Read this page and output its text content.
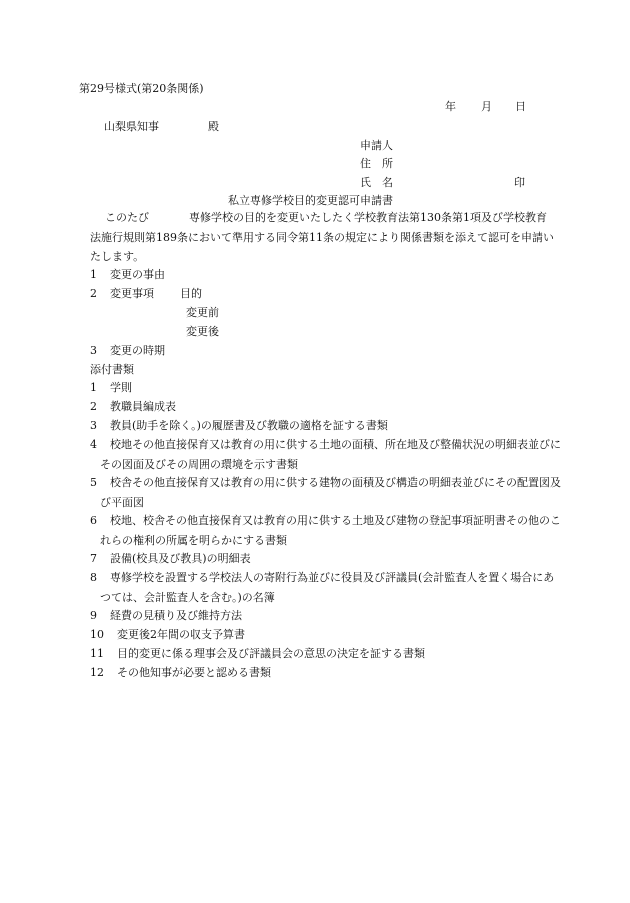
第29号様式(第20条関係)
年 月 日
山梨県知事	殿
申請人
住　所
氏　名	印
私立専修学校目的変更認可申請書
このたび	専修学校の目的を変更いたしたく学校教育法第130条第1項及び学校教育法施行規則第189条において準用する同令第11条の規定により関係書類を添えて認可を申請いたします。
1 変更の事由
2 変更事項 目的
変更前
変更後
3 変更の時期
添付書類
1 学則
2 教職員編成表
3 教員(助手を除く。)の履歴書及び教職の適格を証する書類
4 校地その他直接保育又は教育の用に供する土地の面積、所在地及び整備状況の明細表並びにその図面及びその周囲の環境を示す書類
5 校舎その他直接保育又は教育の用に供する建物の面積及び構造の明細表並びにその配置図及び平面図
6 校地、校舎その他直接保育又は教育の用に供する土地及び建物の登記事項証明書その他のこれらの権利の所属を明らかにする書類
7 設備(校具及び教具)の明細表
8 専修学校を設置する学校法人の寄附行為並びに役員及び評議員(会計監査人を置く場合にあつては、会計監査人を含む。)の名簿
9 経費の見積り及び維持方法
10 変更後2年間の収支予算書
11 目的変更に係る理事会及び評議員会の意思の決定を証する書類
12 その他知事が必要と認める書類
